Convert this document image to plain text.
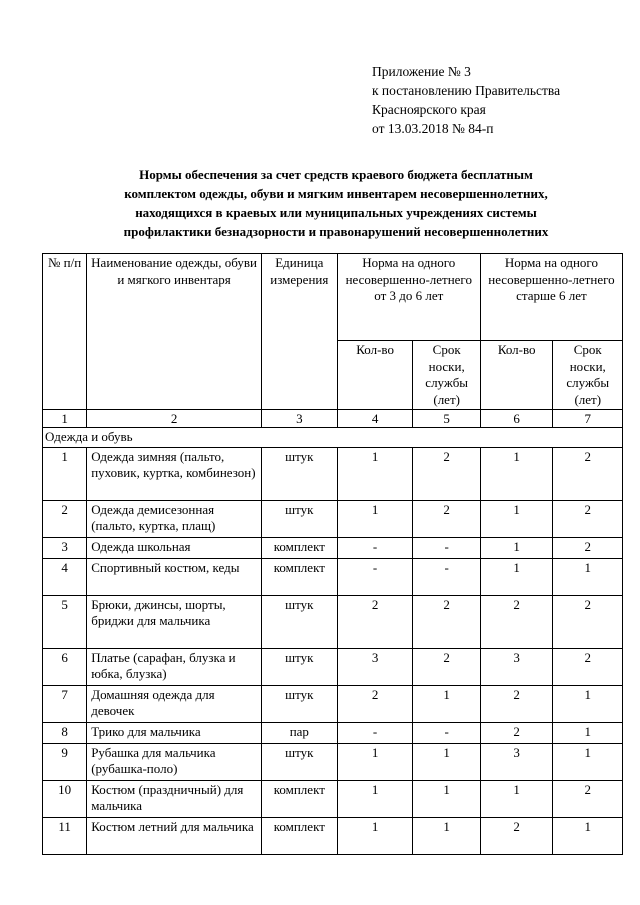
Приложение № 3
к постановлению Правительства
Красноярского края
от 13.03.2018 № 84-п
Нормы обеспечения за счет средств краевого бюджета бесплатным
комплектом одежды, обуви и мягким инвентарем несовершеннолетних,
находящихся в краевых или муниципальных учреждениях системы
профилактики безнадзорности и правонарушений несовершеннолетних
№ п/п	Наименование одежды, обуви и мягкого инвентаря	Единица измерения	Норма на одного несовершенно-летнего от 3 до 6 лет		Норма на одного несовершенно-летнего старше 6 лет	
			Кол-во	Срок носки, службы (лет)	Кол-во	Срок носки, службы (лет)
1	2	3	4	5	6	7
Одежда и обувь						
1	Одежда зимняя (пальто, пуховик, куртка, комбинезон)	штук	1	2	1	2
2	Одежда демисезонная (пальто, куртка, плащ)	штук	1	2	1	2
3	Одежда школьная	комплект	-	-	1	2
4	Спортивный костюм, кеды	комплект	-	-	1	1
5	Брюки, джинсы, шорты, бриджи для мальчика	штук	2	2	2	2
6	Платье (сарафан, блузка и юбка, блузка)	штук	3	2	3	2
7	Домашняя одежда для девочек	штук	2	1	2	1
8	Трико для мальчика	пар	-	-	2	1
9	Рубашка для мальчика (рубашка-поло)	штук	1	1	3	1
10	Костюм (праздничный) для мальчика	комплект	1	1	1	2
11	Костюм летний для мальчика	комплект	1	1	2	1
